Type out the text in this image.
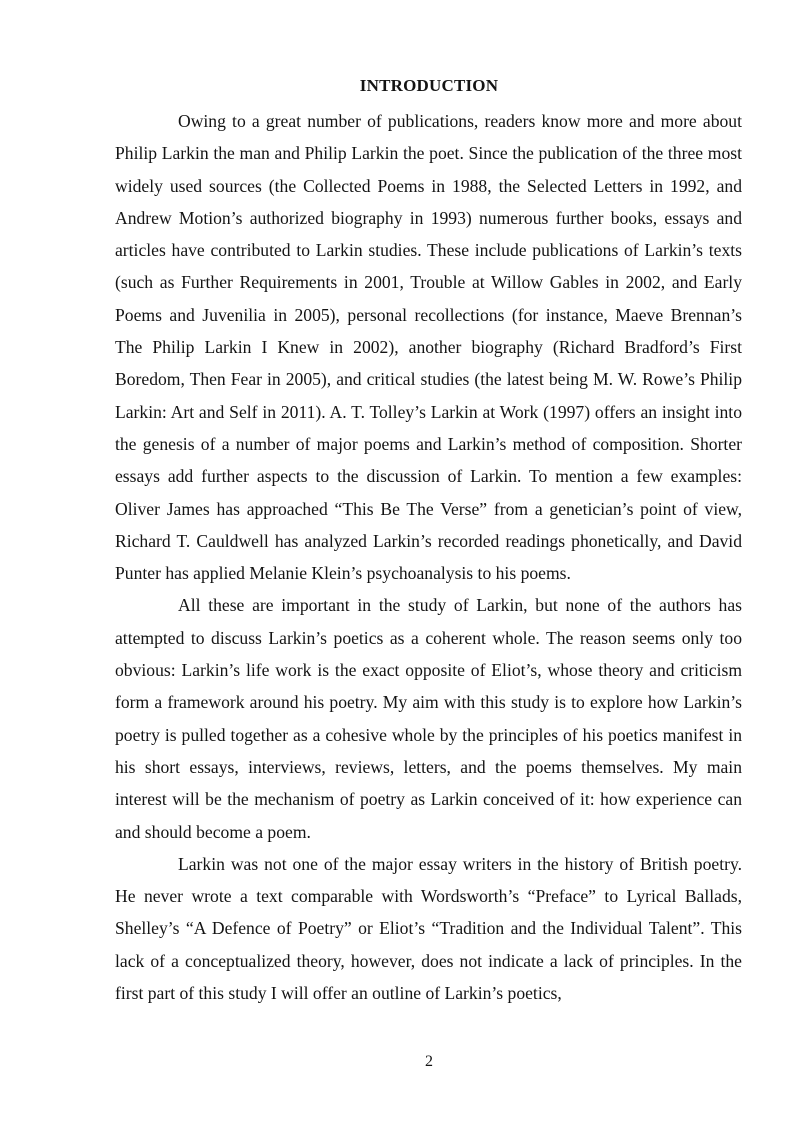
INTRODUCTION

Owing to a great number of publications, readers know more and more about Philip Larkin the man and Philip Larkin the poet. Since the publication of the three most widely used sources (the Collected Poems in 1988, the Selected Letters in 1992, and Andrew Motion’s authorized biography in 1993) numerous further books, essays and articles have contributed to Larkin studies. These include publications of Larkin’s texts (such as Further Requirements in 2001, Trouble at Willow Gables in 2002, and Early Poems and Juvenilia in 2005), personal recollections (for instance, Maeve Brennan’s The Philip Larkin I Knew in 2002), another biography (Richard Bradford’s First Boredom, Then Fear in 2005), and critical studies (the latest being M. W. Rowe’s Philip Larkin: Art and Self in 2011). A. T. Tolley’s Larkin at Work (1997) offers an insight into the genesis of a number of major poems and Larkin’s method of composition. Shorter essays add further aspects to the discussion of Larkin. To mention a few examples: Oliver James has approached “This Be The Verse” from a genetician’s point of view, Richard T. Cauldwell has analyzed Larkin’s recorded readings phonetically, and David Punter has applied Melanie Klein’s psychoanalysis to his poems.

All these are important in the study of Larkin, but none of the authors has attempted to discuss Larkin’s poetics as a coherent whole. The reason seems only too obvious: Larkin’s life work is the exact opposite of Eliot’s, whose theory and criticism form a framework around his poetry. My aim with this study is to explore how Larkin’s poetry is pulled together as a cohesive whole by the principles of his poetics manifest in his short essays, interviews, reviews, letters, and the poems themselves. My main interest will be the mechanism of poetry as Larkin conceived of it: how experience can and should become a poem.

Larkin was not one of the major essay writers in the history of British poetry. He never wrote a text comparable with Wordsworth’s “Preface” to Lyrical Ballads, Shelley’s “A Defence of Poetry” or Eliot’s “Tradition and the Individual Talent”. This lack of a conceptualized theory, however, does not indicate a lack of principles. In the first part of this study I will offer an outline of Larkin’s poetics,

2
